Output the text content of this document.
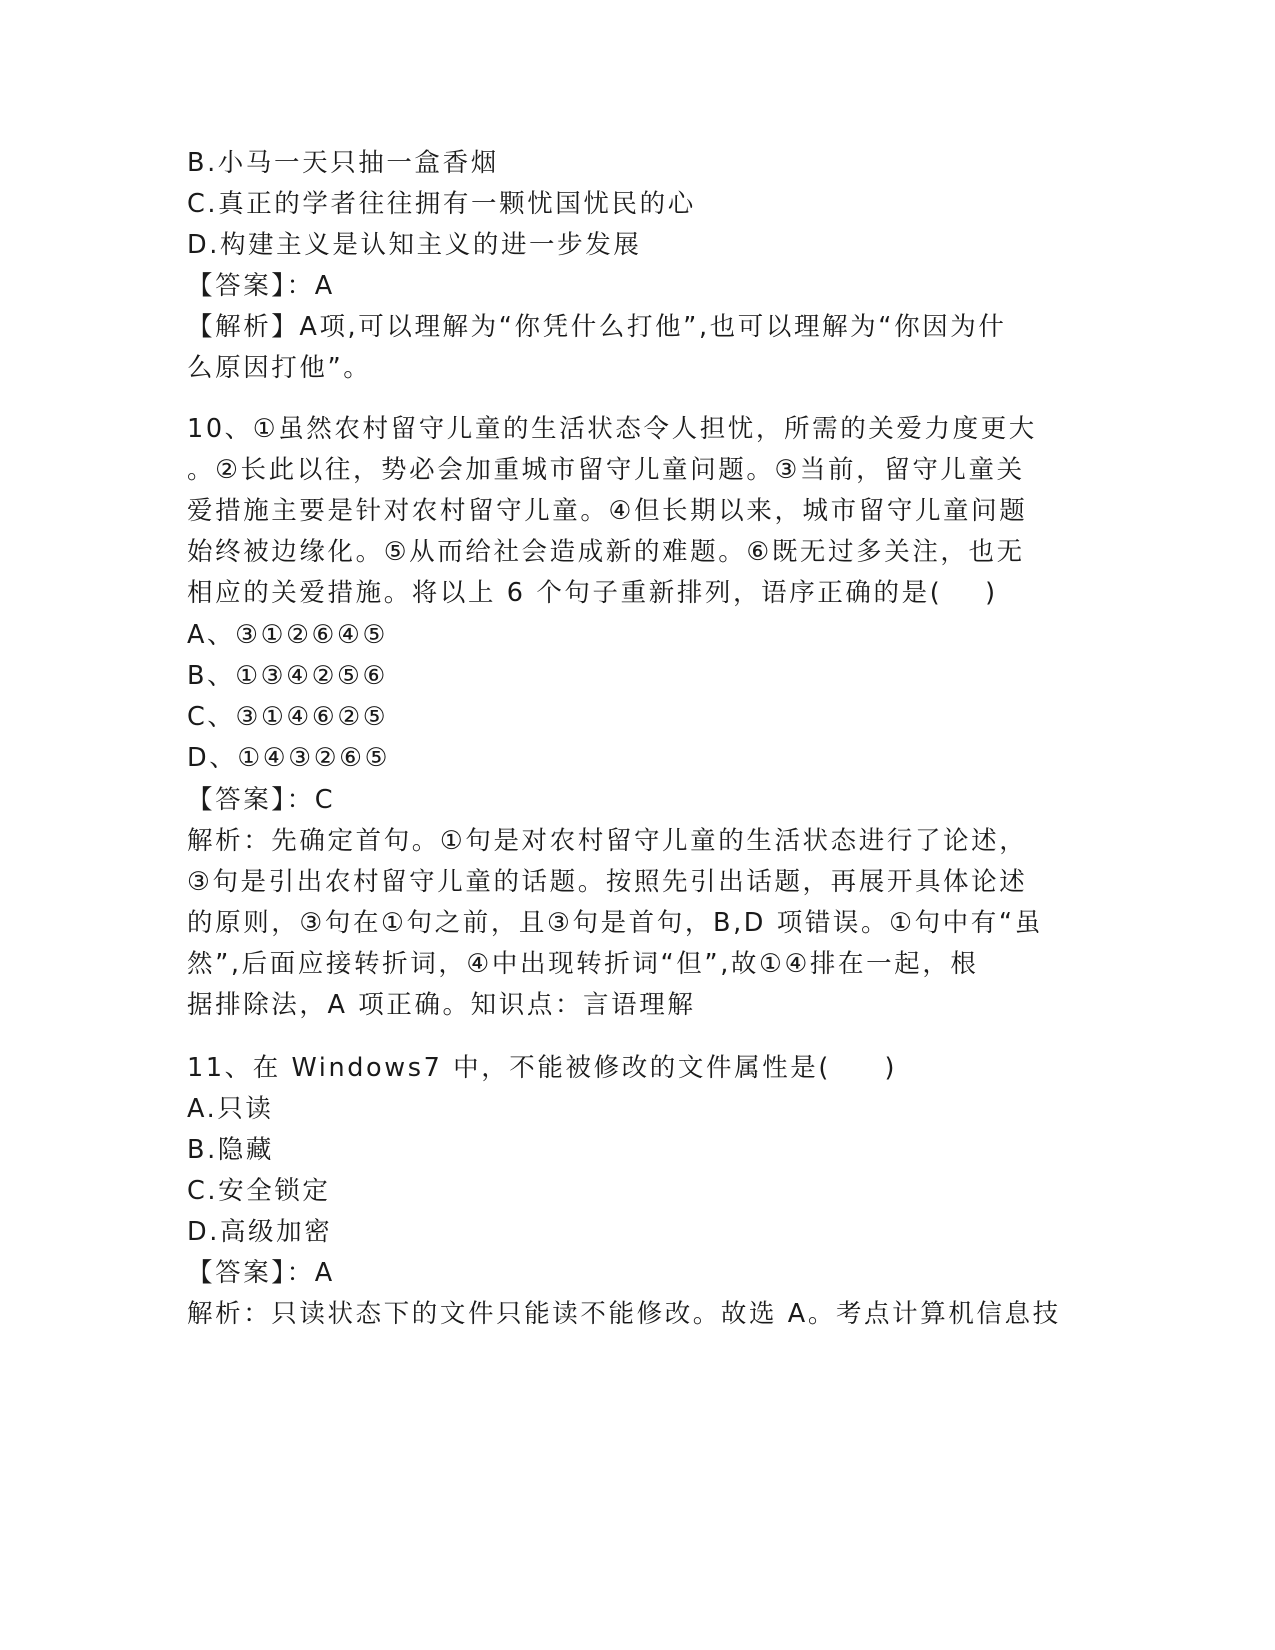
B.小马一天只抽一盒香烟
C.真正的学者往往拥有一颗忧国忧民的心
D.构建主义是认知主义的进一步发展
【答案】：A
【解析】A项,可以理解为“你凭什么打他”,也可以理解为“你因为什
么原因打他”。
10、①虽然农村留守儿童的生活状态令人担忧，所需的关爱力度更大
。②长此以往，势必会加重城市留守儿童问题。③当前，留守儿童关
爱措施主要是针对农村留守儿童。④但长期以来，城市留守儿童问题
始终被边缘化。⑤从而给社会造成新的难题。⑥既无过多关注，也无
相应的关爱措施。将以上 6 个句子重新排列，语序正确的是(    )
A、③①②⑥④⑤
B、①③④②⑤⑥
C、③①④⑥②⑤
D、①④③②⑥⑤
【答案】：C
解析：先确定首句。①句是对农村留守儿童的生活状态进行了论述，
③句是引出农村留守儿童的话题。按照先引出话题，再展开具体论述
的原则，③句在①句之前，且③句是首句，B,D 项错误。①句中有“虽
然”,后面应接转折词，④中出现转折词“但”,故①④排在一起，根
据排除法，A 项正确。知识点：言语理解
11、在 Windows7 中，不能被修改的文件属性是(     )
A.只读
B.隐藏
C.安全锁定
D.高级加密
【答案】：A
解析：只读状态下的文件只能读不能修改。故选 A。考点计算机信息技
